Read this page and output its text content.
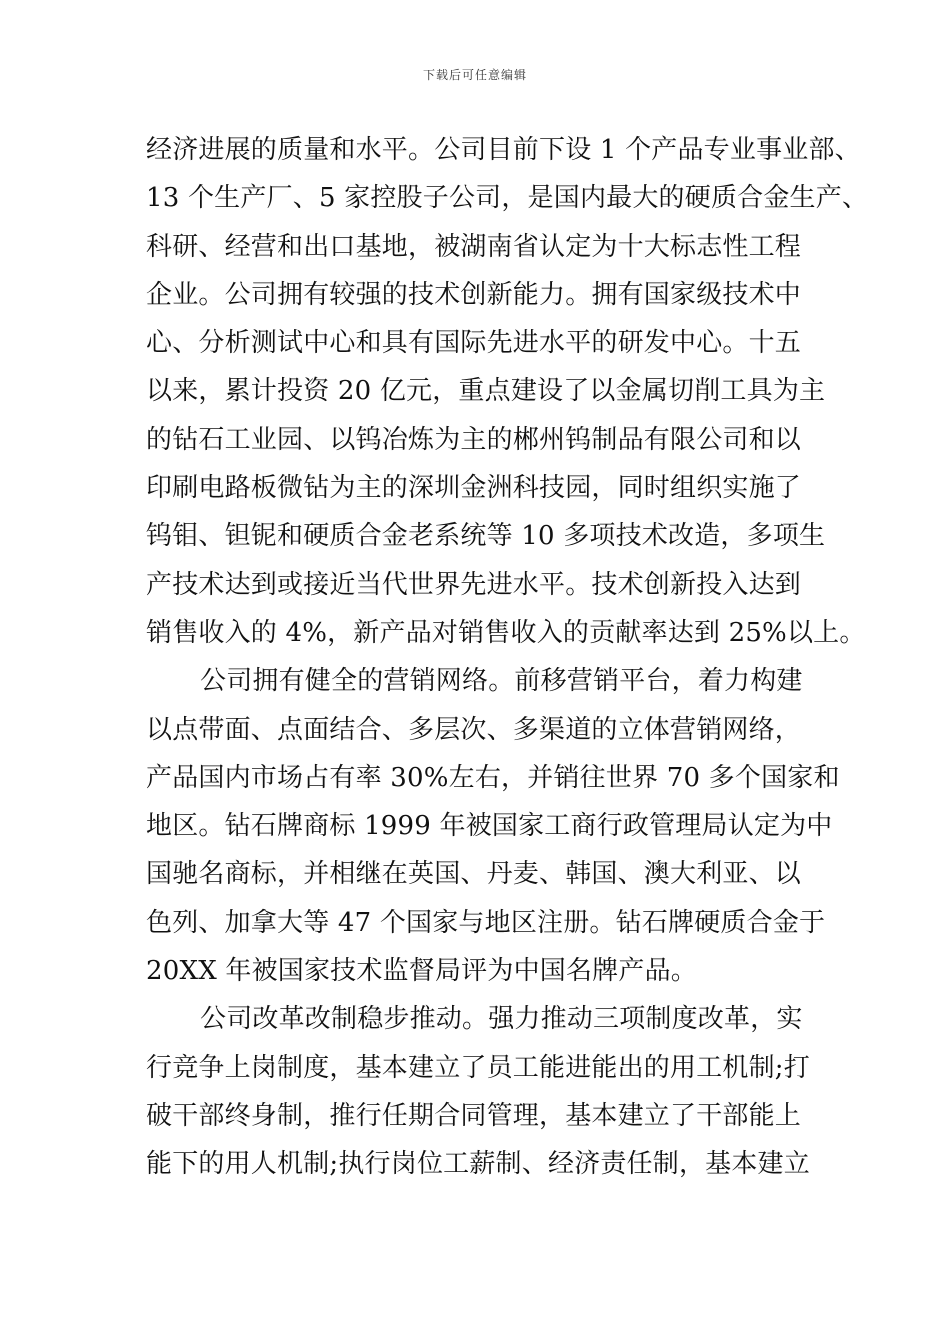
下载后可任意编辑
经济进展的质量和水平。公司目前下设 1 个产品专业事业部、
13 个生产厂、5 家控股子公司，是国内最大的硬质合金生产、
科研、经营和出口基地，被湖南省认定为十大标志性工程
企业。公司拥有较强的技术创新能力。拥有国家级技术中
心、分析测试中心和具有国际先进水平的研发中心。十五
以来，累计投资 20 亿元，重点建设了以金属切削工具为主
的钻石工业园、以钨冶炼为主的郴州钨制品有限公司和以
印刷电路板微钻为主的深圳金洲科技园，同时组织实施了
钨钼、钽铌和硬质合金老系统等 10 多项技术改造，多项生
产技术达到或接近当代世界先进水平。技术创新投入达到
销售收入的 4%，新产品对销售收入的贡献率达到 25%以上。
公司拥有健全的营销网络。前移营销平台，着力构建
以点带面、点面结合、多层次、多渠道的立体营销网络，
产品国内市场占有率 30%左右，并销往世界 70 多个国家和
地区。钻石牌商标 1999 年被国家工商行政管理局认定为中
国驰名商标，并相继在英国、丹麦、韩国、澳大利亚、以
色列、加拿大等 47 个国家与地区注册。钻石牌硬质合金于
20XX 年被国家技术监督局评为中国名牌产品。
公司改革改制稳步推动。强力推动三项制度改革，实
行竞争上岗制度，基本建立了员工能进能出的用工机制;打
破干部终身制，推行任期合同管理，基本建立了干部能上
能下的用人机制;执行岗位工薪制、经济责任制，基本建立
